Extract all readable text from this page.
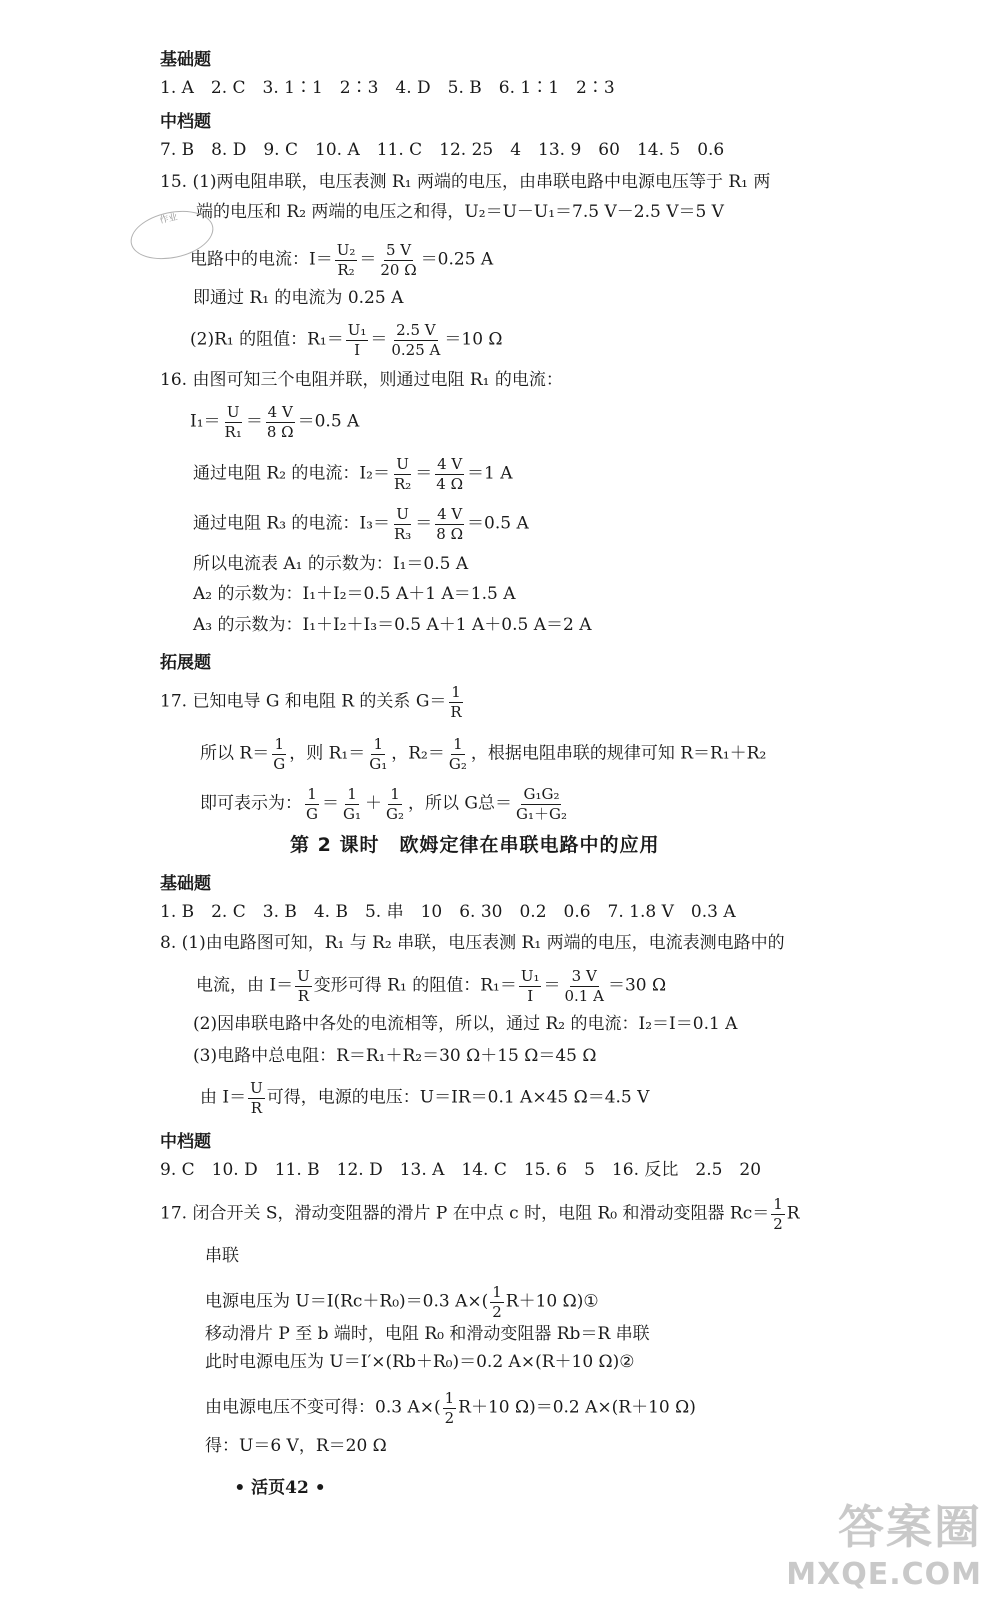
基础题
1. A　2. C　3. 1∶1　2∶3　4. D　5. B　6. 1∶1　2∶3
中档题
7. B　8. D　9. C　10. A　11. C　12. 25　4　13. 9　60　14. 5　0.6
15. (1)两电阻串联，电压表测 R₁ 两端的电压，由串联电路中电源电压等于 R₁ 两
端的电压和 R₂ 两端的电压之和得，U₂＝U－U₁＝7.5 V－2.5 V＝5 V
作业
电路中的电流：$I= \frac{\text{U₂}}{\text{R₂}} = \frac{5 V}{20 \Omega} =0.25$ A
即通过 R₁ 的电流为 0.25 A
(2)R₁ 的阻值：$R_1= \frac{\text{U₁}}{I} = \frac{2.5 V}{0.25 A} =10$ Ω
16. 由图可知三个电阻并联，则通过电阻 R₁ 的电流：
$I_1= \frac{U}{\text{R₁}} = \frac{4 V}{8 \Omega} =0.5$ A
通过电阻 R₂ 的电流：$I_2= \frac{U}{\text{R₂}} = \frac{4 V}{4 \Omega} =1$ A
通过电阻 R₃ 的电流：$I_3= \frac{U}{\text{R₃}} = \frac{4 V}{8 \Omega} =0.5$ A
所以电流表 A₁ 的示数为：I₁＝0.5 A
A₂ 的示数为：I₁＋I₂＝0.5 A＋1 A＝1.5 A
A₃ 的示数为：I₁＋I₂＋I₃＝0.5 A＋1 A＋0.5 A＝2 A
拓展题
17. 已知电导 G 和电阻 R 的关系 $G= \frac{1}{R}$
所以 $R= \frac{1}{G}$ ，则 $R_1= \frac{1}{\text{G₁}}$ ，$R_2= \frac{1}{\text{G₂}}$ ，根据电阻串联的规律可知 R＝R₁＋R₂
即可表示为： $\frac{1}{G} = \frac{1}{\text{G₁}} + \frac{1}{\text{G₂}}$ ，所以 G总＝ $\frac{\text{G₁G₂}}{\text{G₁＋G₂}}$
第 2 课时　欧姆定律在串联电路中的应用
基础题
1. B　2. C　3. B　4. B　5. 串　10　6. 30　0.2　0.6　7. 1.8 V　0.3 A
8. (1)由电路图可知，R₁ 与 R₂ 串联，电压表测 R₁ 两端的电压，电流表测电路中的
电流，由 $I= \frac{U}{R}$ 变形可得 R₁ 的阻值：$R_1= \frac{\text{U₁}}{I} = \frac{3 V}{0.1 A} =30$ Ω
(2)因串联电路中各处的电流相等，所以，通过 R₂ 的电流：I₂＝I＝0.1 A
(3)电路中总电阻：R＝R₁＋R₂＝30 Ω＋15 Ω＝45 Ω
由 $I= \frac{U}{R}$ 可得，电源的电压：U＝IR＝0.1 A×45 Ω＝4.5 V
中档题
9. C　10. D　11. B　12. D　13. A　14. C　15. 6　5　16. 反比　2.5　20
17. 闭合开关 S，滑动变阻器的滑片 P 在中点 c 时，电阻 R₀ 和滑动变阻器 $Rc= \frac{1}{2}$ R
串联
电源电压为 U＝I(Rc＋R₀)＝0.3 $A\times( \frac{1}{2} R+10$ Ω)①
移动滑片 P 至 b 端时，电阻 R₀ 和滑动变阻器 Rb＝R 串联
此时电源电压为 U＝I′×(Rb＋R₀)＝0.2 A×(R＋10 Ω)②
由电源电压不变可得：0.3 $A\times( \frac{1}{2} R+10$ Ω)＝0.2 A×(R＋10 Ω)
得：U＝6 V，R＝20 Ω
• 活页42 •
答案圈
MXQE.COM
